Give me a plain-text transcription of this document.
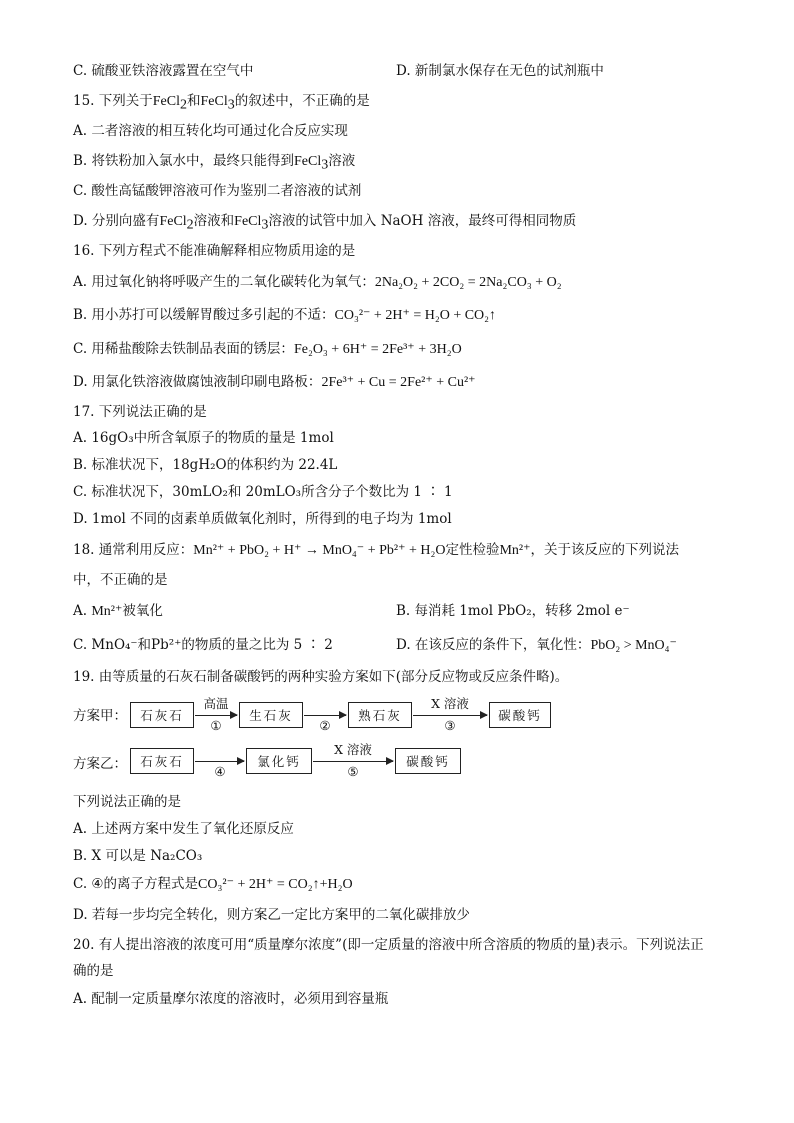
C. 硫酸亚铁溶液露置在空气中	D. 新制氯水保存在无色的试剂瓶中
15. 下列关于FeCl$_2$和FeCl$_3$的叙述中，不正确的是
A. 二者溶液的相互转化均可通过化合反应实现
B. 将铁粉加入氯水中，最终只能得到FeCl$_3$溶液
C. 酸性高锰酸钾溶液可作为鉴别二者溶液的试剂
D. 分别向盛有FeCl$_2$溶液和FeCl$_3$溶液的试管中加入 NaOH 溶液，最终可得相同物质
16. 下列方程式不能准确解释相应物质用途的是
A. 用过氧化钠将呼吸产生的二氧化碳转化为氧气：2Na₂O₂ + 2CO₂ = 2Na₂CO₃ + O₂
B. 用小苏打可以缓解胃酸过多引起的不适：CO₃²⁻ + 2H⁺ = H₂O + CO₂↑
C. 用稀盐酸除去铁制品表面的锈层：Fe₂O₃ + 6H⁺ = 2Fe³⁺ + 3H₂O
D. 用氯化铁溶液做腐蚀液制印刷电路板：2Fe³⁺ + Cu = 2Fe²⁺ + Cu²⁺
17. 下列说法正确的是
A. 16gO₃中所含氧原子的物质的量是 1mol
B. 标准状况下，18gH₂O的体积约为 22.4L
C. 标准状况下，30mLO₂和 20mLO₃所含分子个数比为 1 ∶ 1
D. 1mol 不同的卤素单质做氧化剂时，所得到的电子均为 1mol
18. 通常利用反应：Mn²⁺ + PbO₂ + H⁺ → MnO₄⁻ + Pb²⁺ + H₂O定性检验Mn²⁺，关于该反应的下列说法
中，不正确的是
A. Mn²⁺被氧化	B. 每消耗 1mol PbO₂，转移 2mol e⁻
C. MnO₄⁻和Pb²⁺的物质的量之比为 5 ∶ 2	D. 在该反应的条件下，氧化性：PbO₂ > MnO₄⁻
19. 由等质量的石灰石制备碳酸钙的两种实验方案如下(部分反应物或反应条件略)。
方案甲：	石灰石
高温
①
生石灰
②
熟石灰
X 溶液
③
碳酸钙
方案乙：	石灰石
④
氯化钙
X 溶液
⑤
碳酸钙
下列说法正确的是
A. 上述两方案中发生了氧化还原反应
B. X 可以是 Na₂CO₃
C. ④的离子方程式是CO₃²⁻ + 2H⁺ = CO₂↑+H₂O
D. 若每一步均完全转化，则方案乙一定比方案甲的二氧化碳排放少
20. 有人提出溶液的浓度可用“质量摩尔浓度”(即一定质量的溶液中所含溶质的物质的量)表示。下列说法正
确的是
A. 配制一定质量摩尔浓度的溶液时，必须用到容量瓶
